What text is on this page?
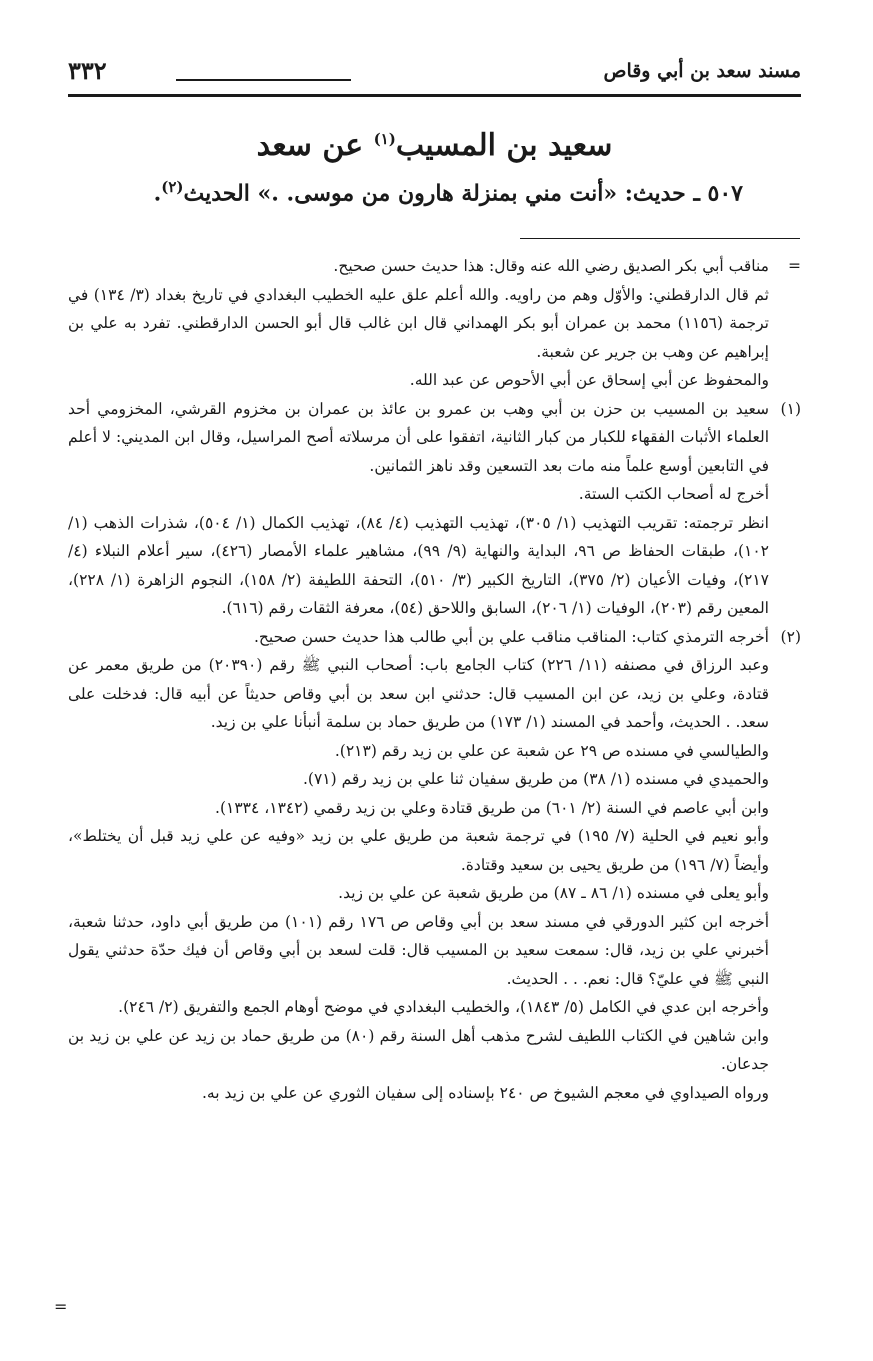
٣٣٢	مسند سعد بن أبي وقاص
سعيد بن المسيب$^{(١)}$ عن سعد
٥٠٧ ـ حديث: «أنت مني بمنزلة هارون من موسى. .» الحديث$^{(٢)}$.
=

مناقب أبي بكر الصديق رضي الله عنه وقال: هذا حديث حسن صحيح.

ثم قال الدارقطني: والأوّل وهم من راويه. والله أعلم علق عليه الخطيب البغدادي في تاريخ بغداد (٣/ ١٣٤) في ترجمة (١١٥٦) محمد بن عمران أبو بكر الهمداني قال ابن غالب قال أبو الحسن الدارقطني. تفرد به علي بن إبراهيم عن وهب بن جرير عن شعبة.

والمحفوظ عن أبي إسحاق عن أبي الأحوص عن عبد الله.

(١)

سعيد بن المسيب بن حزن بن أبي وهب بن عمرو بن عائذ بن عمران بن مخزوم القرشي، المخزومي أحد العلماء الأثبات الفقهاء للكبار من كبار الثانية، اتفقوا على أن مرسلاته أصح المراسيل، وقال ابن المديني: لا أعلم في التابعين أوسع علماً منه مات بعد التسعين وقد ناهز الثمانين.

أخرج له أصحاب الكتب الستة.

انظر ترجمته: تقريب التهذيب (١/ ٣٠٥)، تهذيب التهذيب (٤/ ٨٤)، تهذيب الكمال (١/ ٥٠٤)، شذرات الذهب (١/ ١٠٢)، طبقات الحفاظ ص ٩٦، البداية والنهاية (٩/ ٩٩)، مشاهير علماء الأمصار (٤٢٦)، سير أعلام النبلاء (٤/ ٢١٧)، وفيات الأعيان (٢/ ٣٧٥)، التاريخ الكبير (٣/ ٥١٠)، التحفة اللطيفة (٢/ ١٥٨)، النجوم الزاهرة (١/ ٢٢٨)، المعين رقم (٢٠٣)، الوفيات (١/ ٢٠٦)، السابق واللاحق (٥٤)، معرفة الثقات رقم (٦١٦).

(٢)

أخرجه الترمذي كتاب: المناقب مناقب علي بن أبي طالب هذا حديث حسن صحيح.

وعبد الرزاق في مصنفه (١١/ ٢٢٦) كتاب الجامع باب: أصحاب النبي ﷺ رقم (٢٠٣٩٠) من طريق معمر عن قتادة، وعلي بن زيد، عن ابن المسيب قال: حدثني ابن سعد بن أبي وقاص حديثاً عن أبيه قال: فدخلت على سعد. . الحديث، وأحمد في المسند (١/ ١٧٣) من طريق حماد بن سلمة أنبأنا علي بن زيد.

والطيالسي في مسنده ص ٢٩ عن شعبة عن علي بن زيد رقم (٢١٣).

والحميدي في مسنده (١/ ٣٨) من طريق سفيان ثنا علي بن زيد رقم (٧١).

وابن أبي عاصم في السنة (٢/ ٦٠١) من طريق قتادة وعلي بن زيد رقمي (١٣٤٢، ١٣٣٤).

وأبو نعيم في الحلية (٧/ ١٩٥) في ترجمة شعبة من طريق علي بن زيد «وفيه عن علي زيد قبل أن يختلط»، وأيضاً (٧/ ١٩٦) من طريق يحيى بن سعيد وقتادة.

وأبو يعلى في مسنده (١/ ٨٦ ـ ٨٧) من طريق شعبة عن علي بن زيد.

أخرجه ابن كثير الدورقي في مسند سعد بن أبي وقاص ص ١٧٦ رقم (١٠١) من طريق أبي داود، حدثنا شعبة، أخبرني علي بن زيد، قال: سمعت سعيد بن المسيب قال: قلت لسعد بن أبي وقاص أن فيك حدّة حدثني يقول النبي ﷺ في عليّ؟ قال: نعم. . . الحديث.

وأخرجه ابن عدي في الكامل (٥/ ١٨٤٣)، والخطيب البغدادي في موضح أوهام الجمع والتفريق (٢/ ٢٤٦).

وابن شاهين في الكتاب اللطيف لشرح مذهب أهل السنة رقم (٨٠) من طريق حماد بن زيد عن علي بن زيد بن جدعان.

ورواه الصيداوي في معجم الشيوخ ص ٢٤٠ بإسناده إلى سفيان الثوري عن علي بن زيد به.

=
